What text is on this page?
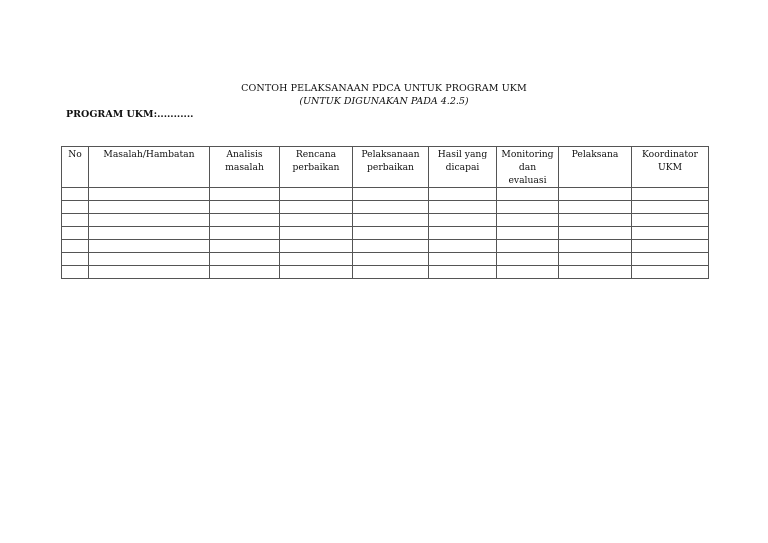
CONTOH PELAKSANAAN PDCA UNTUK PROGRAM UKM
(UNTUK DIGUNAKAN PADA 4.2.5)
PROGRAM UKM:...........
No	Masalah/Hambatan	Analisis masalah	Rencana perbaikan	Pelaksanaan perbaikan	Hasil yang dicapai	Monitoring dan evaluasi	Pelaksana	Koordinator UKM
